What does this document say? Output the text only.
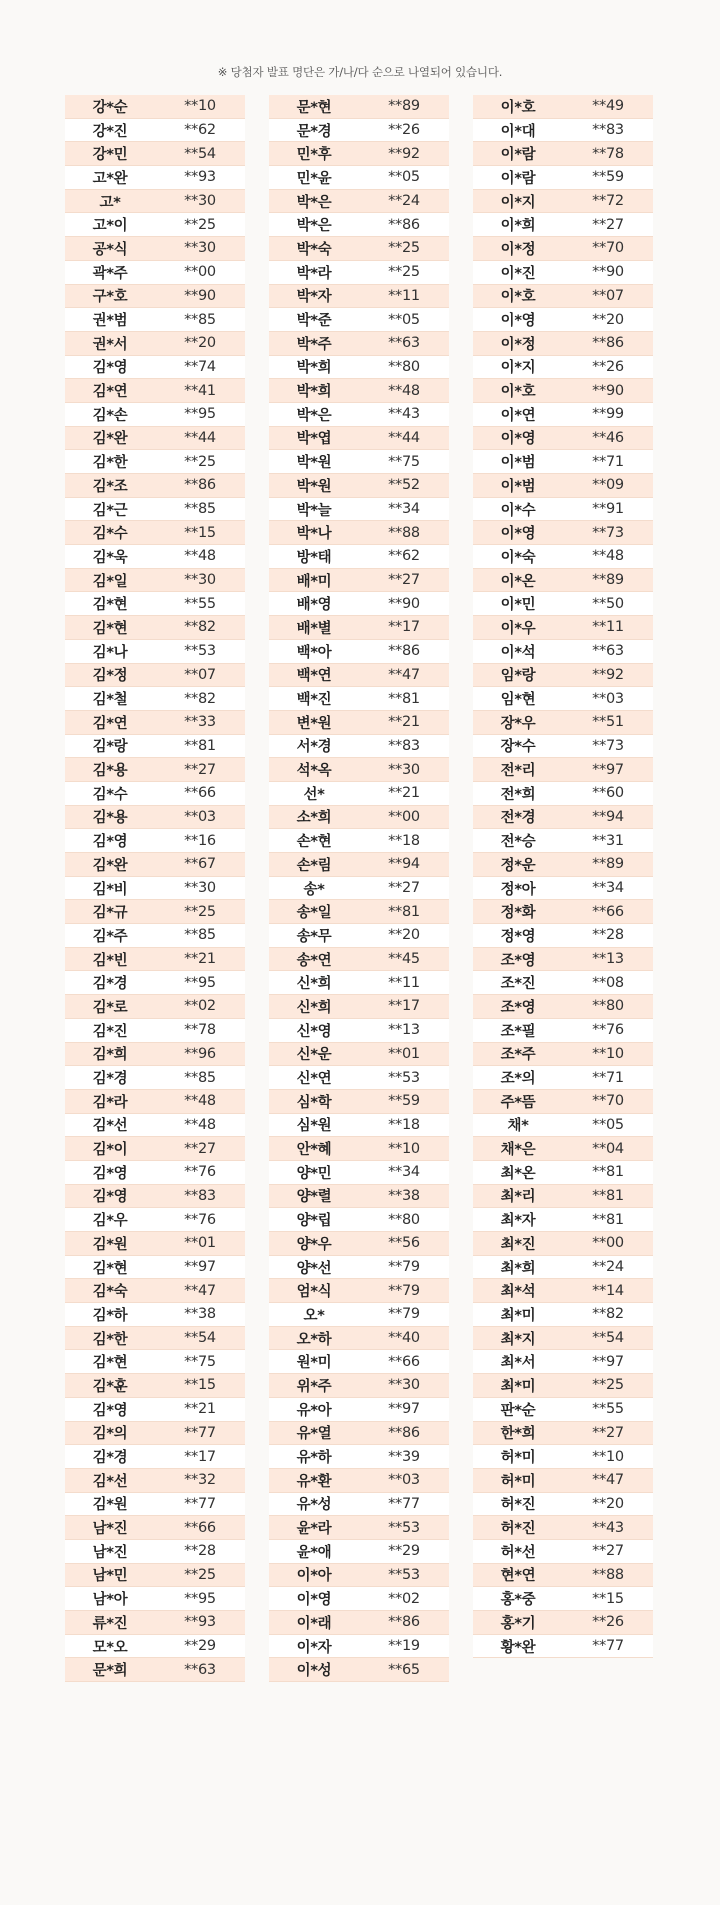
※ 당첨자 발표 명단은 가/나/다 순으로 나열되어 있습니다.
강*순	**10
강*진	**62
강*민	**54
고*완	**93
고*	**30
고*이	**25
공*식	**30
곽*주	**00
구*호	**90
권*범	**85
권*서	**20
김*영	**74
김*연	**41
김*손	**95
김*완	**44
김*한	**25
김*조	**86
김*근	**85
김*수	**15
김*욱	**48
김*일	**30
김*현	**55
김*현	**82
김*나	**53
김*정	**07
김*철	**82
김*연	**33
김*랑	**81
김*용	**27
김*수	**66
김*용	**03
김*영	**16
김*완	**67
김*비	**30
김*규	**25
김*주	**85
김*빈	**21
김*경	**95
김*로	**02
김*진	**78
김*희	**96
김*경	**85
김*라	**48
김*선	**48
김*이	**27
김*영	**76
김*영	**83
김*우	**76
김*원	**01
김*현	**97
김*숙	**47
김*하	**38
김*한	**54
김*현	**75
김*훈	**15
김*영	**21
김*의	**77
김*경	**17
김*선	**32
김*원	**77
남*진	**66
남*진	**28
남*민	**25
남*아	**95
류*진	**93
모*오	**29
문*희	**63
문*현	**89
문*경	**26
민*후	**92
민*윤	**05
박*은	**24
박*은	**86
박*숙	**25
박*라	**25
박*자	**11
박*준	**05
박*주	**63
박*희	**80
박*희	**48
박*은	**43
박*엽	**44
박*원	**75
박*원	**52
박*늘	**34
박*나	**88
방*태	**62
배*미	**27
배*영	**90
배*별	**17
백*아	**86
백*연	**47
백*진	**81
변*원	**21
서*경	**83
석*옥	**30
선*	**21
소*희	**00
손*현	**18
손*림	**94
송*	**27
송*일	**81
송*무	**20
송*연	**45
신*희	**11
신*희	**17
신*영	**13
신*운	**01
신*연	**53
심*학	**59
심*원	**18
안*혜	**10
양*민	**34
양*렬	**38
양*립	**80
양*우	**56
양*선	**79
엄*식	**79
오*	**79
오*하	**40
원*미	**66
위*주	**30
유*아	**97
유*열	**86
유*하	**39
유*환	**03
유*성	**77
윤*라	**53
윤*애	**29
이*아	**53
이*영	**02
이*래	**86
이*자	**19
이*성	**65
이*호	**49
이*대	**83
이*람	**78
이*람	**59
이*지	**72
이*희	**27
이*정	**70
이*진	**90
이*호	**07
이*영	**20
이*정	**86
이*지	**26
이*호	**90
이*연	**99
이*영	**46
이*범	**71
이*범	**09
이*수	**91
이*영	**73
이*숙	**48
이*온	**89
이*민	**50
이*우	**11
이*석	**63
임*랑	**92
임*현	**03
장*우	**51
장*수	**73
전*리	**97
전*희	**60
전*경	**94
전*승	**31
정*운	**89
정*아	**34
정*화	**66
정*영	**28
조*영	**13
조*진	**08
조*영	**80
조*필	**76
조*주	**10
조*의	**71
주*뜸	**70
채*	**05
채*은	**04
최*온	**81
최*리	**81
최*자	**81
최*진	**00
최*희	**24
최*석	**14
최*미	**82
최*지	**54
최*서	**97
최*미	**25
판*순	**55
한*희	**27
허*미	**10
허*미	**47
허*진	**20
허*진	**43
허*선	**27
현*연	**88
홍*중	**15
홍*기	**26
황*완	**77
